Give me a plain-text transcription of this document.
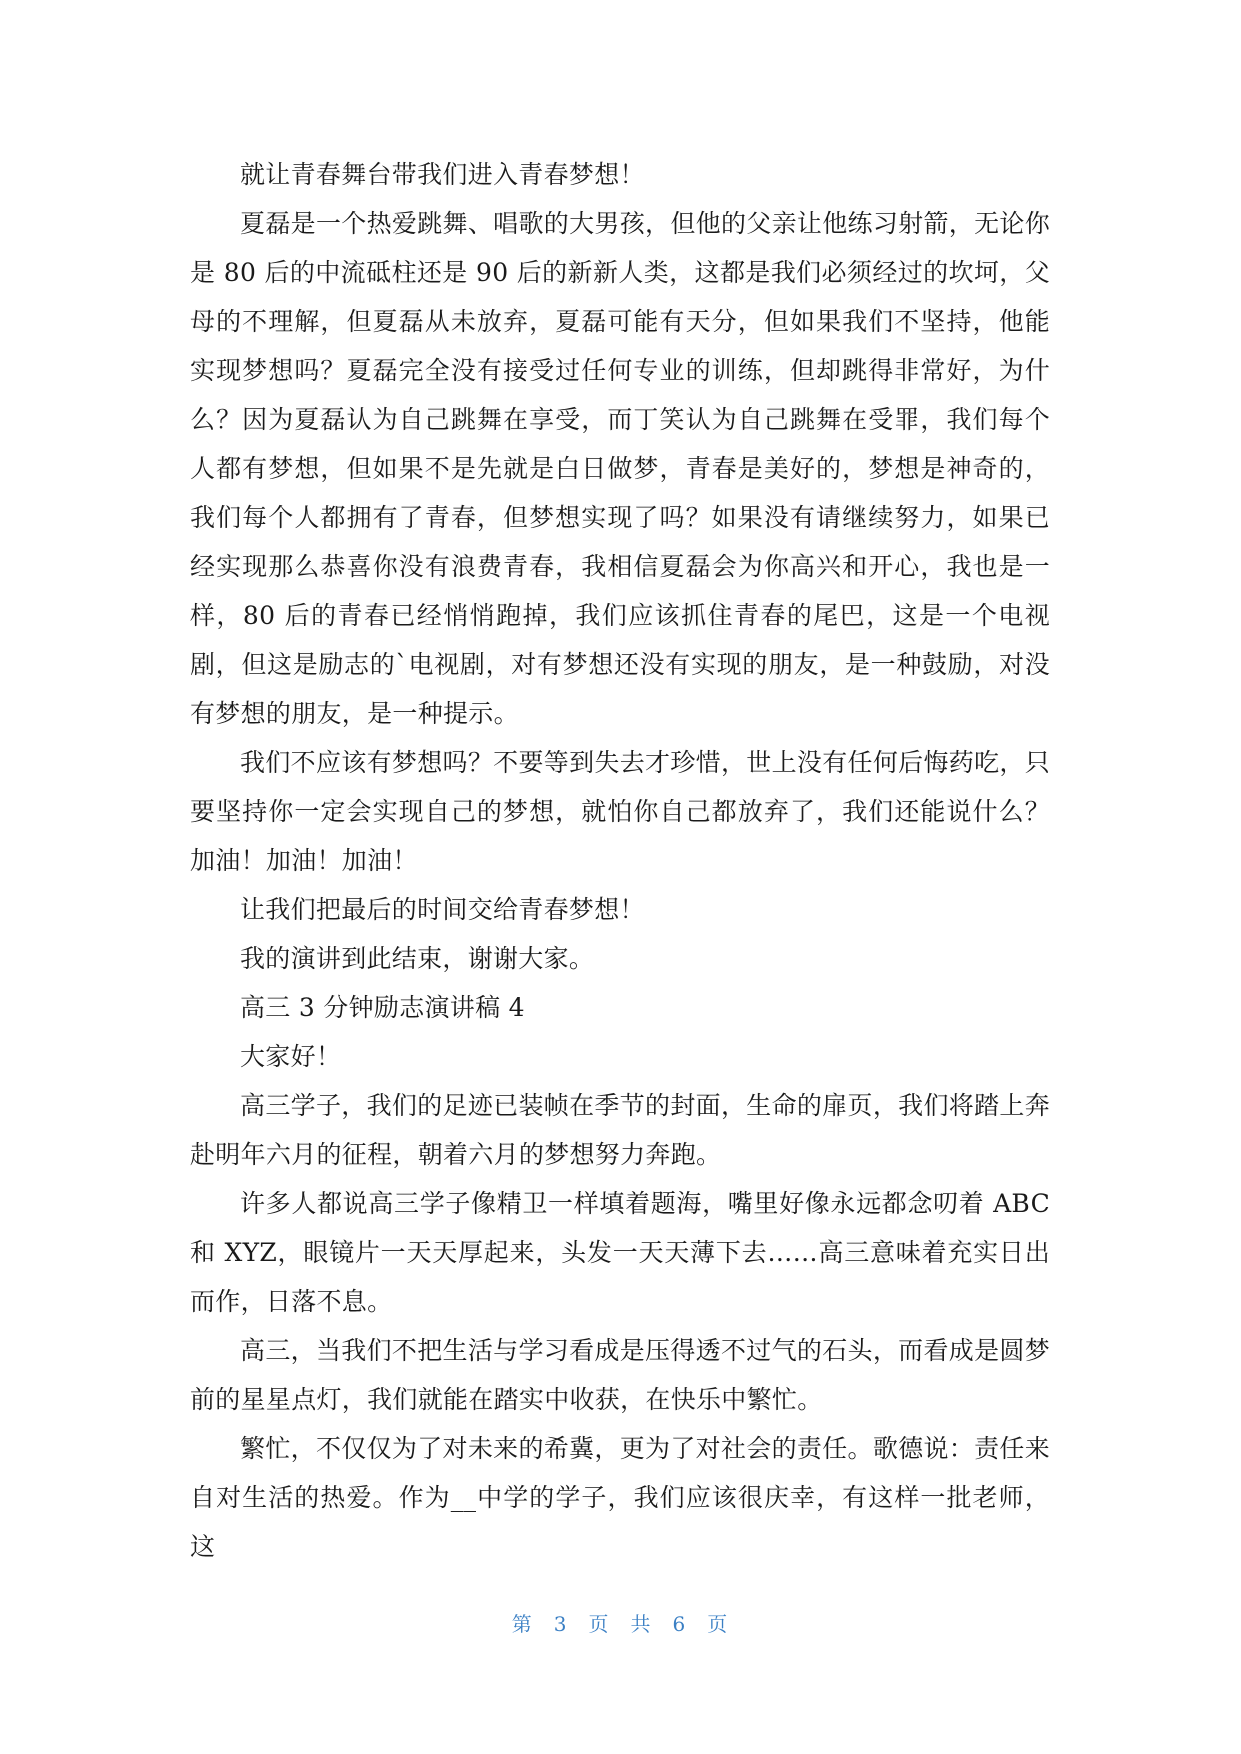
就让青春舞台带我们进入青春梦想！

夏磊是一个热爱跳舞、唱歌的大男孩，但他的父亲让他练习射箭，无论你是 80 后的中流砥柱还是 90 后的新新人类，这都是我们必须经过的坎坷，父母的不理解，但夏磊从未放弃，夏磊可能有天分，但如果我们不坚持，他能实现梦想吗？夏磊完全没有接受过任何专业的训练，但却跳得非常好，为什么？因为夏磊认为自己跳舞在享受，而丁笑认为自己跳舞在受罪，我们每个人都有梦想，但如果不是先就是白日做梦，青春是美好的，梦想是神奇的，我们每个人都拥有了青春，但梦想实现了吗？如果没有请继续努力，如果已经实现那么恭喜你没有浪费青春，我相信夏磊会为你高兴和开心，我也是一样，80 后的青春已经悄悄跑掉，我们应该抓住青春的尾巴，这是一个电视剧，但这是励志的`电视剧，对有梦想还没有实现的朋友，是一种鼓励，对没有梦想的朋友，是一种提示。

我们不应该有梦想吗？不要等到失去才珍惜，世上没有任何后悔药吃，只要坚持你一定会实现自己的梦想，就怕你自己都放弃了，我们还能说什么？加油！加油！加油！

让我们把最后的时间交给青春梦想！

我的演讲到此结束，谢谢大家。

高三 3 分钟励志演讲稿 4

大家好！

高三学子，我们的足迹已装帧在季节的封面，生命的扉页，我们将踏上奔赴明年六月的征程，朝着六月的梦想努力奔跑。

许多人都说高三学子像精卫一样填着题海，嘴里好像永远都念叨着 ABC 和 XYZ，眼镜片一天天厚起来，头发一天天薄下去……高三意味着充实日出而作，日落不息。

高三，当我们不把生活与学习看成是压得透不过气的石头，而看成是圆梦前的星星点灯，我们就能在踏实中收获，在快乐中繁忙。

繁忙，不仅仅为了对未来的希冀，更为了对社会的责任。歌德说：责任来自对生活的热爱。作为__中学的学子，我们应该很庆幸，有这样一批老师，这

第 3 页 共 6 页
